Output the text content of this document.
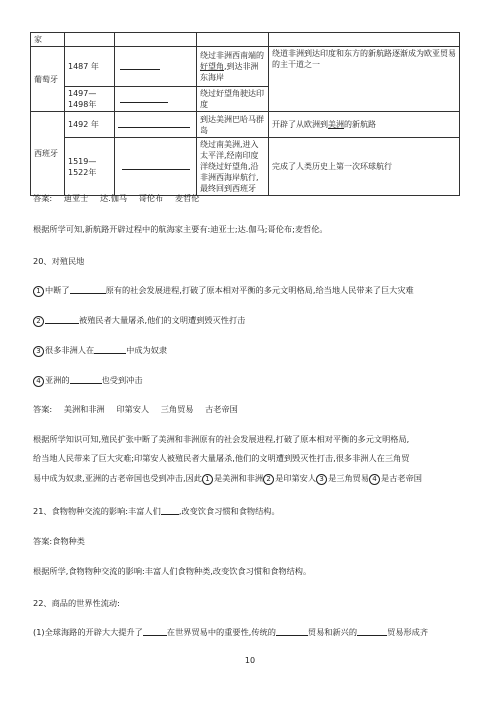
家				
葡萄牙	1487 年		绕过非洲西南端的好望角,到达非洲东海岸	绕道非洲到达印度和东方的新航路逐渐成为欧亚贸易的主干道之一
	1497—1498年		绕过好望角驶达印度	
西班牙	1492 年		到达美洲巴哈马群岛	开辟了从欧洲到美洲的新航路
	1519—1522年		绕过南美洲,进入太平洋,经南印度洋绕过好望角,沿非洲西海岸航行,最终回到西班牙	完成了人类历史上第一次环球航行
答案: 迪亚士 达.伽马 哥伦布 麦哲伦
根据所学可知,新航路开辟过程中的航海家主要有:迪亚士;达.伽马;哥伦布;麦哲伦。
20、对殖民地
1 中断了	原有的社会发展进程,打破了原本相对平衡的多元文明格局,给当地人民带来了巨大灾难
2	被殖民者大量屠杀,他们的文明遭到毁灭性打击
3 很多非洲人在	中成为奴隶
4 亚洲的	也受到冲击
答案: 美洲和非洲 印第安人 三角贸易 古老帝国
根据所学知识可知,殖民扩张中断了美洲和非洲原有的社会发展进程,打破了原本相对平衡的多元文明格局,
给当地人民带来了巨大灾难;印第安人被殖民者大量屠杀,他们的文明遭到毁灭性打击,很多非洲人在三角贸
易中成为奴隶,亚洲的古老帝国也受到冲击,因此 1 是美洲和非洲 2 是印第安人 3 是三角贸易 4 是古老帝国
21、食物物种交流的影响:丰富人们 ,改变饮食习惯和食物结构。
答案:食物种类
根据所学,食物物种交流的影响:丰富人们食物种类,改变饮食习惯和食物结构。
22、商品的世界性流动:
(1)全球海路的开辟大大提升了	在世界贸易中的重要性,传统的	贸易和新兴的	贸易形成齐
10
